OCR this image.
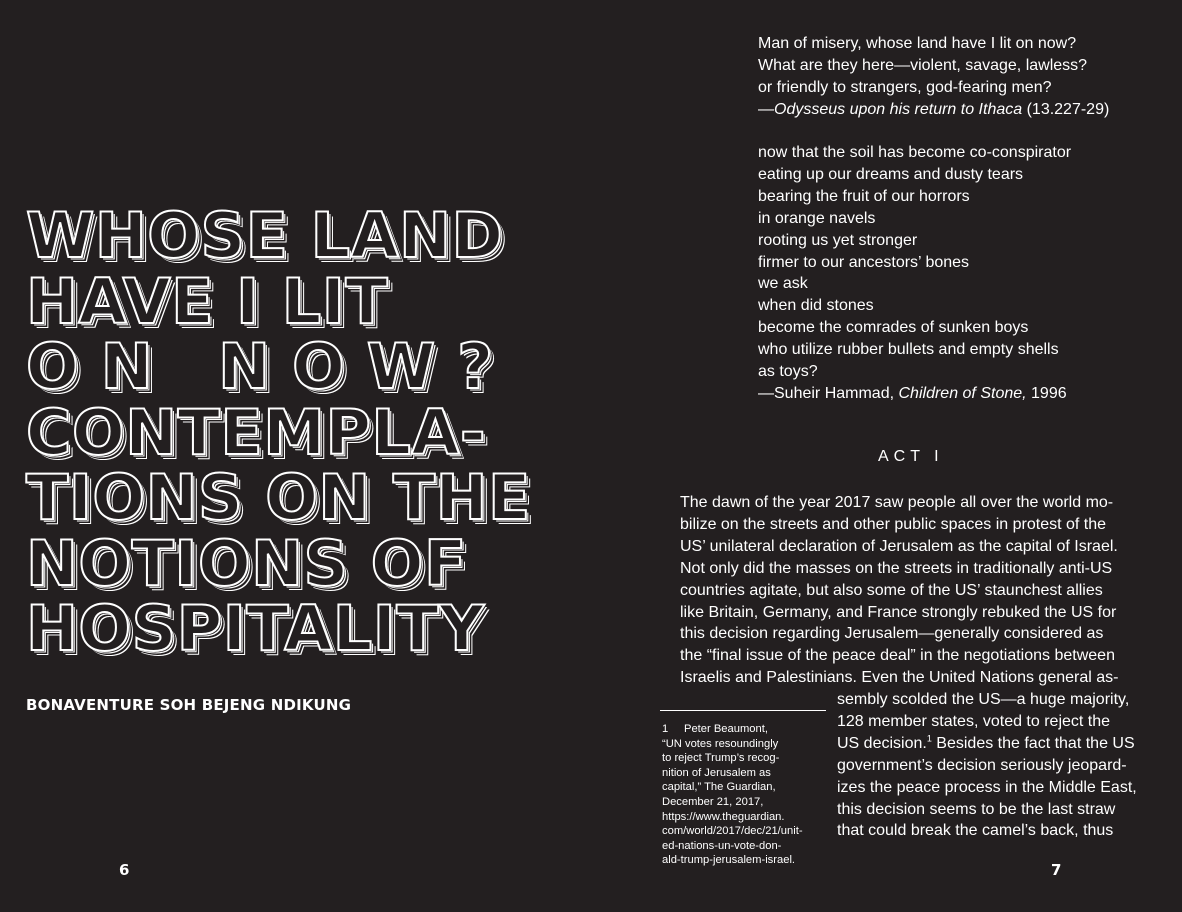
WHOSE LAND
HAVE I LIT
ON NOW?
CONTEMPLA-
TIONS ON THE
NOTIONS OF
HOSPITALITY
BONAVENTURE SOH BEJENG NDIKUNG
6
Man of misery, whose land have I lit on now?
What are they here—violent, savage, lawless?
or friendly to strangers, god-fearing men?
—Odysseus upon his return to Ithaca (13.227-29)
now that the soil has become co-conspirator
eating up our dreams and dusty tears
bearing the fruit of our horrors
in orange navels
rooting us yet stronger
firmer to our ancestors’ bones
we ask
when did stones
become the comrades of sunken boys
who utilize rubber bullets and empty shells
as toys?
—Suheir Hammad, Children of Stone, 1996
ACT I
The dawn of the year 2017 saw people all over the world mo-
bilize on the streets and other public spaces in protest of the
US’ unilateral declaration of Jerusalem as the capital of Israel.
Not only did the masses on the streets in traditionally anti-US
countries agitate, but also some of the US’ staunchest allies
like Britain, Germany, and France strongly rebuked the US for
this decision regarding Jerusalem—generally considered as
the “final issue of the peace deal” in the negotiations between
Israelis and Palestinians. Even the United Nations general as-
sembly scolded the US—a huge majority,
128 member states, voted to reject the
US decision.$^1$ Besides the fact that the US
government’s decision seriously jeopard-
izes the peace process in the Middle East,
this decision seems to be the last straw
that could break the camel’s back, thus
1 Peter Beaumont,
“UN votes resoundingly
to reject Trump’s recog-
nition of Jerusalem as
capital,” The Guardian,
December 21, 2017,
https://www.theguardian.
com/world/2017/dec/21/unit-
ed-nations-un-vote-don-
ald-trump-jerusalem-israel.
7
